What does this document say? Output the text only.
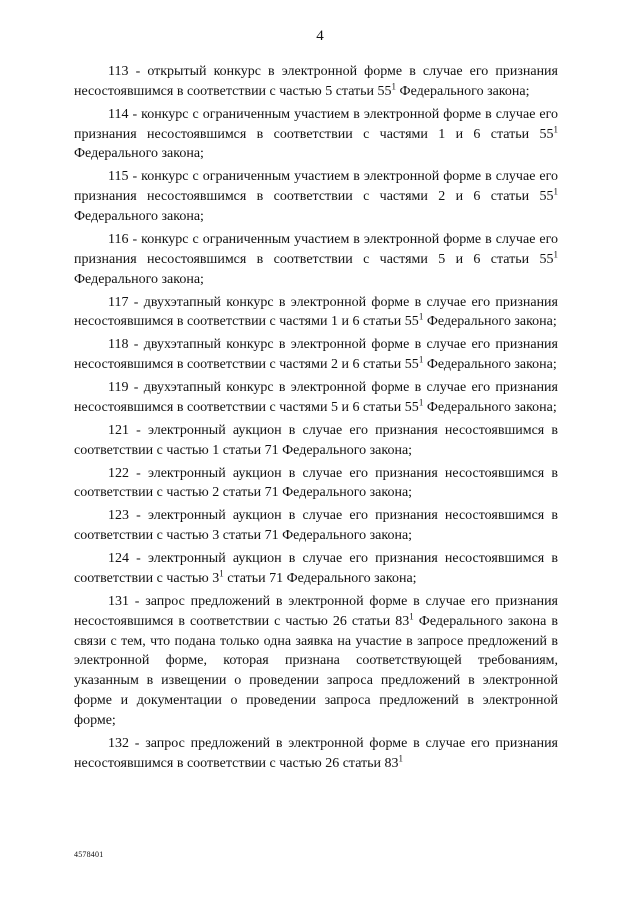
4

113 - открытый конкурс в электронной форме в случае его признания несостоявшимся в соответствии с частью 5 статьи $55^1$ Федерального закона;

114 - конкурс с ограниченным участием в электронной форме в случае его признания несостоявшимся в соответствии с частями 1 и 6 статьи $55^1$ Федерального закона;

115 - конкурс с ограниченным участием в электронной форме в случае его признания несостоявшимся в соответствии с частями 2 и 6 статьи $55^1$ Федерального закона;

116 - конкурс с ограниченным участием в электронной форме в случае его признания несостоявшимся в соответствии с частями 5 и 6 статьи $55^1$ Федерального закона;

117 - двухэтапный конкурс в электронной форме в случае его признания несостоявшимся в соответствии с частями 1 и 6 статьи $55^1$ Федерального закона;

118 - двухэтапный конкурс в электронной форме в случае его признания несостоявшимся в соответствии с частями 2 и 6 статьи $55^1$ Федерального закона;

119 - двухэтапный конкурс в электронной форме в случае его признания несостоявшимся в соответствии с частями 5 и 6 статьи $55^1$ Федерального закона;

121 - электронный аукцион в случае его признания несостоявшимся в соответствии с частью 1 статьи 71 Федерального закона;

122 - электронный аукцион в случае его признания несостоявшимся в соответствии с частью 2 статьи 71 Федерального закона;

123 - электронный аукцион в случае его признания несостоявшимся в соответствии с частью 3 статьи 71 Федерального закона;

124 - электронный аукцион в случае его признания несостоявшимся в соответствии с частью $3^1$ статьи 71 Федерального закона;

131 - запрос предложений в электронной форме в случае его признания несостоявшимся в соответствии с частью 26 статьи $83^1$ Федерального закона в связи с тем, что подана только одна заявка на участие в запросе предложений в электронной форме, которая признана соответствующей требованиям, указанным в извещении о проведении запроса предложений в электронной форме и документации о проведении запроса предложений в электронной форме;

132 - запрос предложений в электронной форме в случае его признания несостоявшимся в соответствии с частью 26 статьи $83^1$

4578401
